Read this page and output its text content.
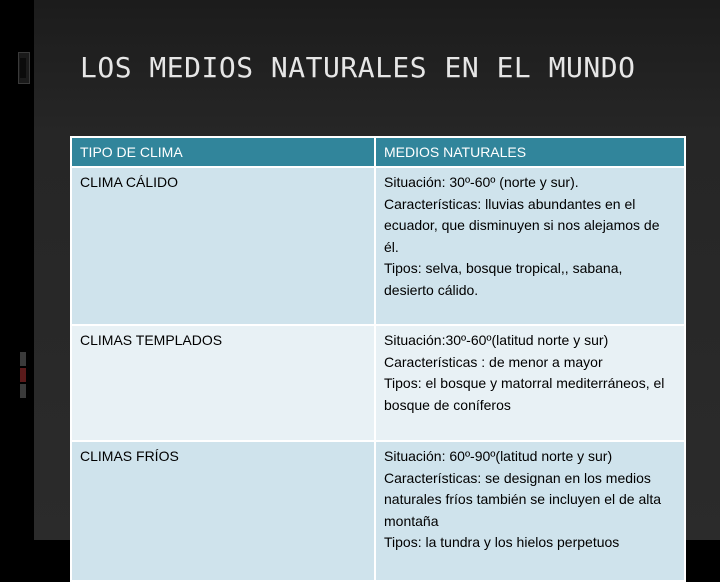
LOS MEDIOS NATURALES EN EL MUNDO
TIPO DE CLIMA	MEDIOS NATURALES
CLIMA CÁLIDO	Situación: 30º-60º (norte y sur).
Características: lluvias abundantes en el ecuador, que disminuyen si nos alejamos de él.
Tipos: selva, bosque tropical,, sabana, desierto cálido.
CLIMAS TEMPLADOS	Situación:30º-60º(latitud norte y sur)
Características : de menor a mayor
Tipos: el bosque y matorral mediterráneos, el bosque de coníferos
CLIMAS FRÍOS	Situación: 60º-90º(latitud norte y sur)
Características: se designan en los medios naturales fríos también se incluyen el de alta montaña
Tipos: la tundra y los hielos perpetuos
